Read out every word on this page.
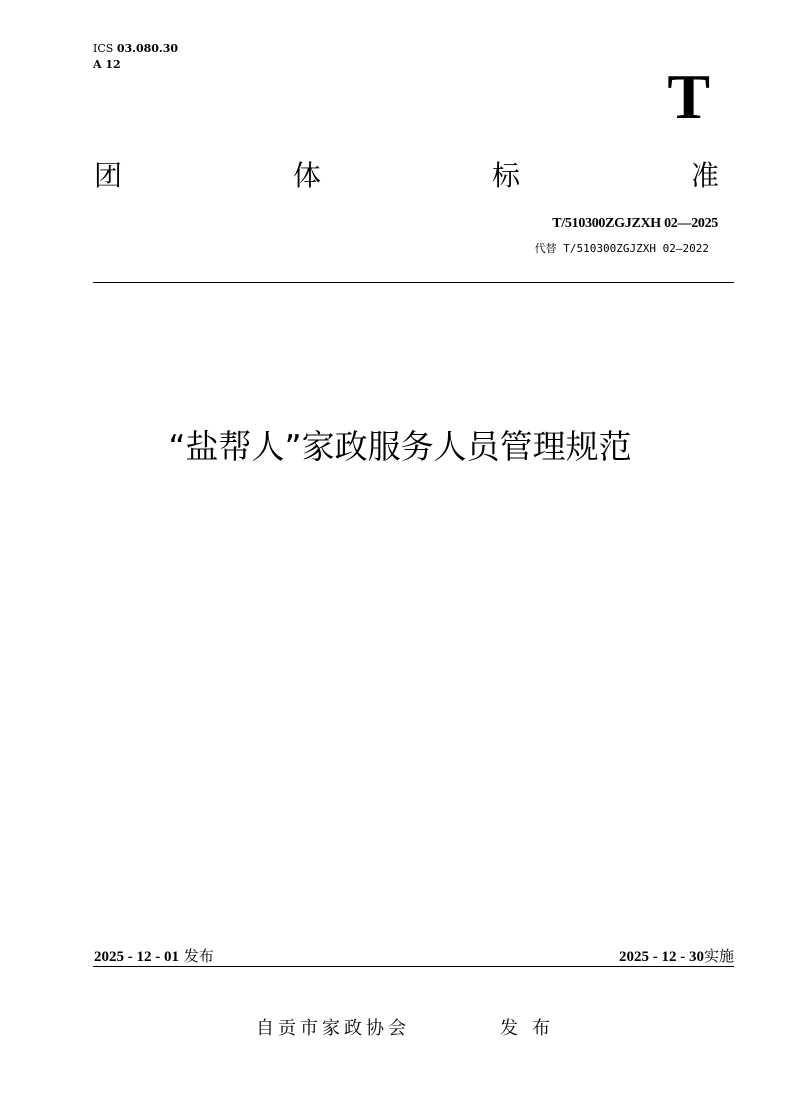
ICS 03.080.30
A 12	T
团	体	标	准
T/510300ZGJZXH 02—2025
代替 T/510300ZGJZXH 02—2022
“盐帮人”家政服务人员管理规范
2025 - 12 - 01 发布	2025 - 12 - 30实施
自贡市家政协会	发布
